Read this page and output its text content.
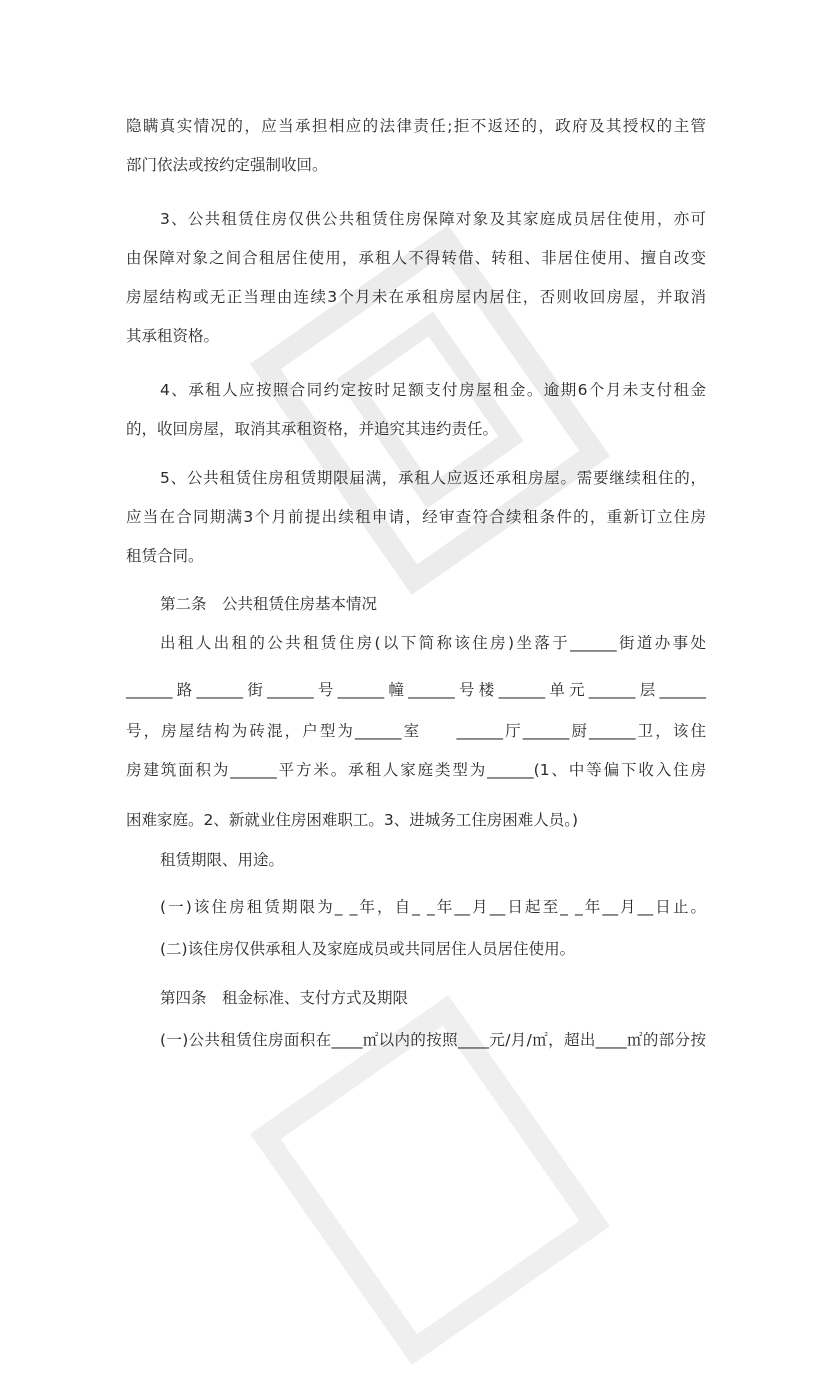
隐瞒真实情况的，应当承担相应的法律责任;拒不返还的，政府及其授权的主管
部门依法或按约定强制收回。
3、公共租赁住房仅供公共租赁住房保障对象及其家庭成员居住使用，亦可
由保障对象之间合租居住使用，承租人不得转借、转租、非居住使用、擅自改变
房屋结构或无正当理由连续3个月未在承租房屋内居住，否则收回房屋，并取消
其承租资格。
4、承租人应按照合同约定按时足额支付房屋租金。逾期6个月未支付租金
的，收回房屋，取消其承租资格，并追究其违约责任。
5、公共租赁住房租赁期限届满，承租人应返还承租房屋。需要继续租住的，
应当在合同期满3个月前提出续租申请，经审查符合续租条件的，重新订立住房
租赁合同。
第二条　公共租赁住房基本情况
出租人出租的公共租赁住房(以下简称该住房)坐落于______街道办事处
______路______街______号______幢______号楼______单元______层______
号，房屋结构为砖混，户型为______室　　______厅______厨______卫，该住
房建筑面积为______平方米。承租人家庭类型为______(1、中等偏下收入住房
困难家庭。2、新就业住房困难职工。3、进城务工住房困难人员。)
租赁期限、用途。
(一)该住房租赁期限为_ _年，自_ _年__月__日起至_ _年__月__日止。
(二)该住房仅供承租人及家庭成员或共同居住人员居住使用。
第四条　租金标准、支付方式及期限
(一)公共租赁住房面积在____㎡以内的按照____元/月/㎡，超出____㎡的部分按
